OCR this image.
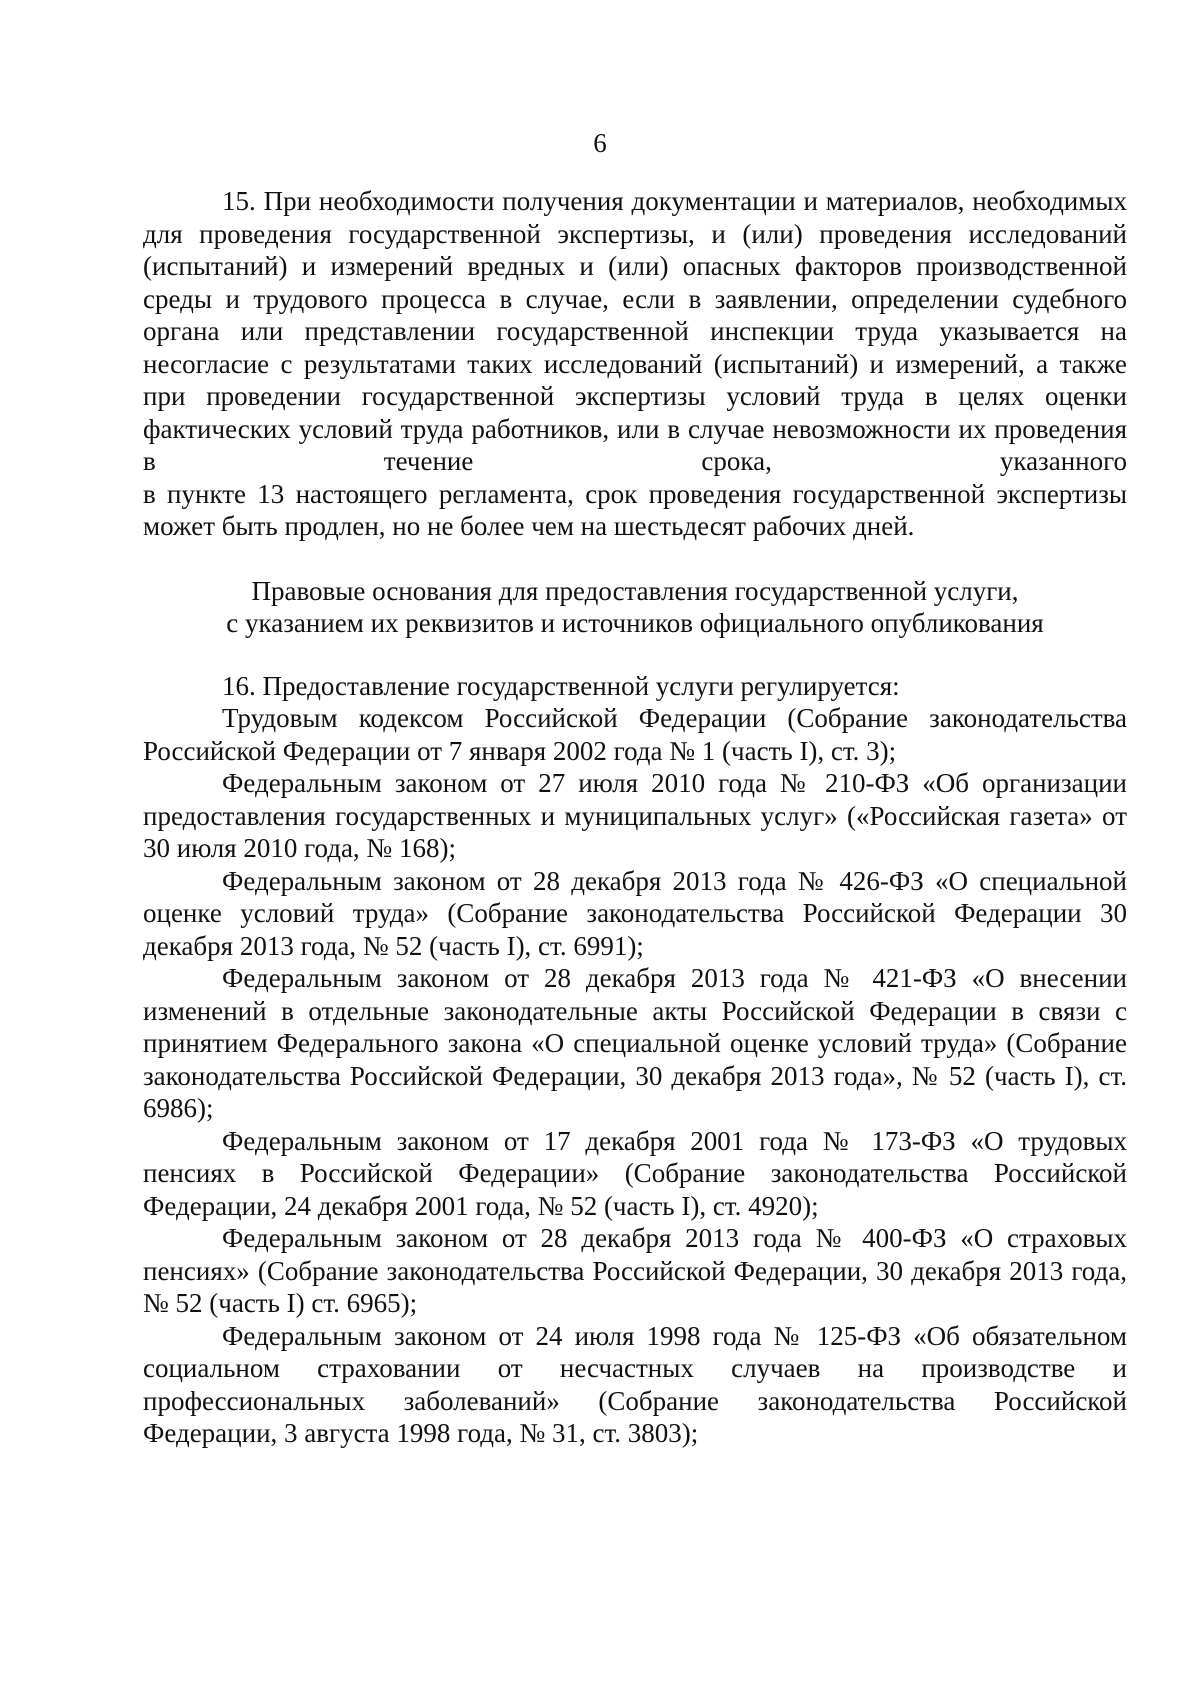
6

15. При необходимости получения документации и материалов, необходимых для проведения государственной экспертизы, и (или) проведения исследований (испытаний) и измерений вредных и (или) опасных факторов производственной среды и трудового процесса в случае, если в заявлении, определении судебного органа или представлении государственной инспекции труда указывается на несогласие с результатами таких исследований (испытаний) и измерений, а также при проведении государственной экспертизы условий труда в целях оценки фактических условий труда работников, или в случае невозможности их проведения в течение срока, указанного

в пункте 13 настоящего регламента, срок проведения государственной экспертизы может быть продлен, но не более чем на шестьдесят рабочих дней.

Правовые основания для предоставления государственной услуги,
с указанием их реквизитов и источников официального опубликования

16. Предоставление государственной услуги регулируется:

Трудовым кодексом Российской Федерации (Собрание законодательства Российской Федерации от 7 января 2002 года № 1 (часть I), ст. 3);

Федеральным законом от 27 июля 2010 года № 210-ФЗ «Об организации предоставления государственных и муниципальных услуг» («Российская газета» от 30 июля 2010 года, № 168);

Федеральным законом от 28 декабря 2013 года № 426-ФЗ «О специальной оценке условий труда» (Собрание законодательства Российской Федерации 30 декабря 2013 года, № 52 (часть I), ст. 6991);

Федеральным законом от 28 декабря 2013 года № 421-ФЗ «О внесении изменений в отдельные законодательные акты Российской Федерации в связи с принятием Федерального закона «О специальной оценке условий труда» (Собрание законодательства Российской Федерации, 30 декабря 2013 года», № 52 (часть I), ст. 6986);

Федеральным законом от 17 декабря 2001 года № 173-ФЗ «О трудовых пенсиях в Российской Федерации» (Собрание законодательства Российской Федерации, 24 декабря 2001 года, № 52 (часть I), ст. 4920);

Федеральным законом от 28 декабря 2013 года № 400-ФЗ «О страховых пенсиях» (Собрание законодательства Российской Федерации, 30 декабря 2013 года, № 52 (часть I) ст. 6965);

Федеральным законом от 24 июля 1998 года № 125-ФЗ «Об обязательном социальном страховании от несчастных случаев на производстве и профессиональных заболеваний» (Собрание законодательства Российской Федерации, 3 августа 1998 года, № 31, ст. 3803);
